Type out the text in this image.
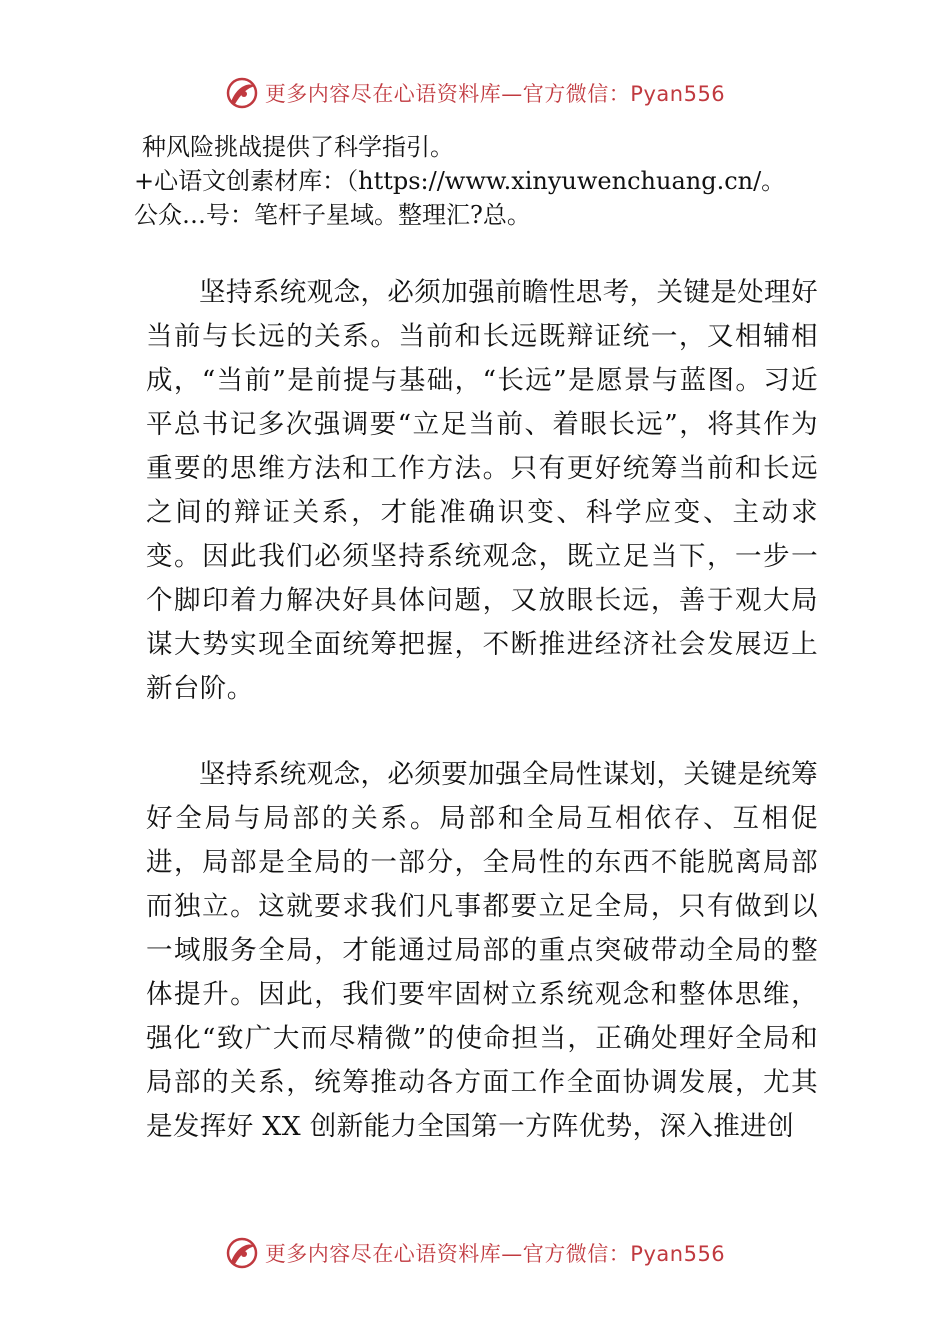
更多内容尽在心语资料库—官方微信：Pyan556
种风险挑战提供了科学指引。
+心语文创素材库：（https://www.xinyuwenchuang.cn/。
公众…号：笔杆子星域。整理汇?总。

坚持系统观念，必须加强前瞻性思考，关键是处理好当前与长远的关系。当前和长远既辩证统一，又相辅相成，“当前”是前提与基础，“长远”是愿景与蓝图。习近平总书记多次强调要“立足当前、着眼长远”，将其作为重要的思维方法和工作方法。只有更好统筹当前和长远之间的辩证关系，才能准确识变、科学应变、主动求变。因此我们必须坚持系统观念，既立足当下，一步一个脚印着力解决好具体问题，又放眼长远，善于观大局谋大势实现全面统筹把握，不断推进经济社会发展迈上新台阶。

坚持系统观念，必须要加强全局性谋划，关键是统筹好全局与局部的关系。局部和全局互相依存、互相促进，局部是全局的一部分，全局性的东西不能脱离局部而独立。这就要求我们凡事都要立足全局，只有做到以一域服务全局，才能通过局部的重点突破带动全局的整体提升。因此，我们要牢固树立系统观念和整体思维，强化“致广大而尽精微”的使命担当，正确处理好全局和局部的关系，统筹推动各方面工作全面协调发展，尤其是发挥好 XX 创新能力全国第一方阵优势，深入推进创

更多内容尽在心语资料库—官方微信：Pyan556
